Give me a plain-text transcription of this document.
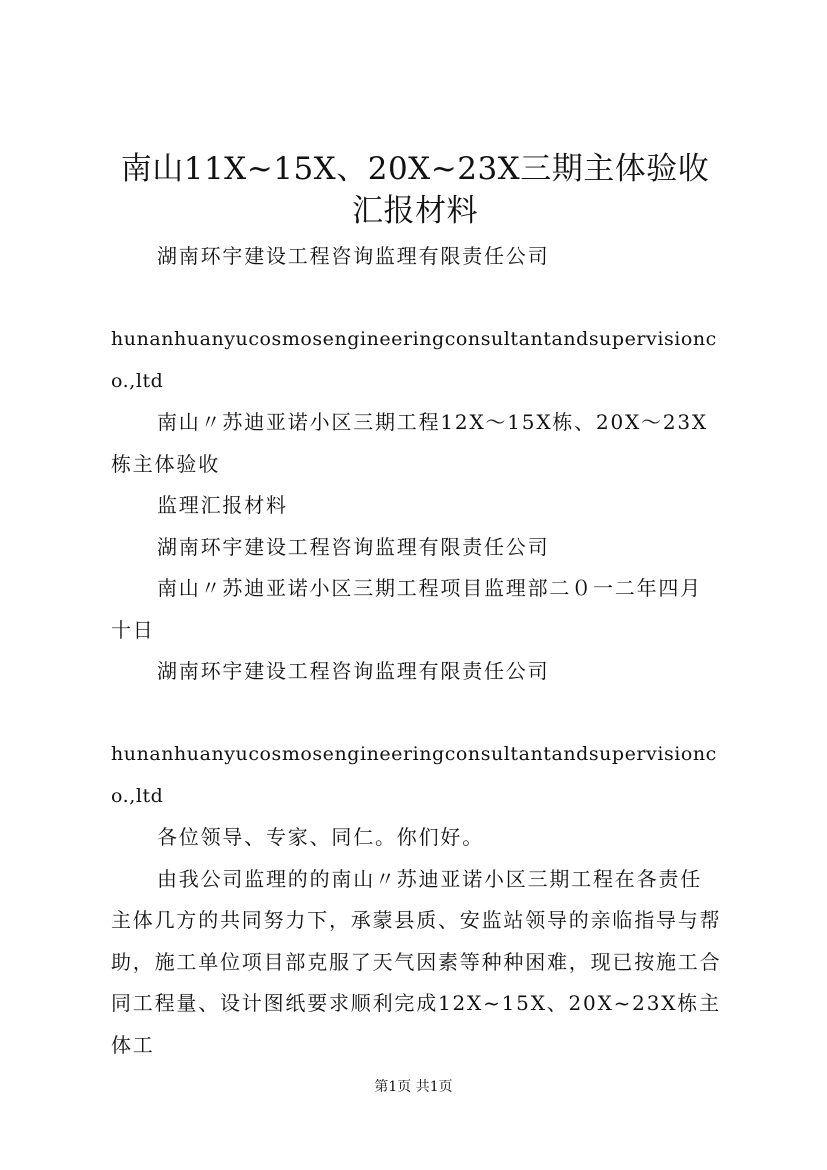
南山11X~15X、20X~23X三期主体验收汇报材料

湖南环宇建设工程咨询监理有限责任公司

hunanhuanyucosmosengineeringconsultantandsupervisionco.,ltd

南山〃苏迪亚诺小区三期工程12X～15X栋、20X～23X栋主体验收

监理汇报材料

湖南环宇建设工程咨询监理有限责任公司

南山〃苏迪亚诺小区三期工程项目监理部二０一二年四月十日

湖南环宇建设工程咨询监理有限责任公司

hunanhuanyucosmosengineeringconsultantandsupervisionco.,ltd

各位领导、专家、同仁。你们好。

由我公司监理的的南山〃苏迪亚诺小区三期工程在各责任主体几方的共同努力下，承蒙县质、安监站领导的亲临指导与帮助，施工单位项目部克服了天气因素等种种困难，现已按施工合同工程量、设计图纸要求顺利完成12X~15X、20X~23X栋主体工

第1页 共1页
